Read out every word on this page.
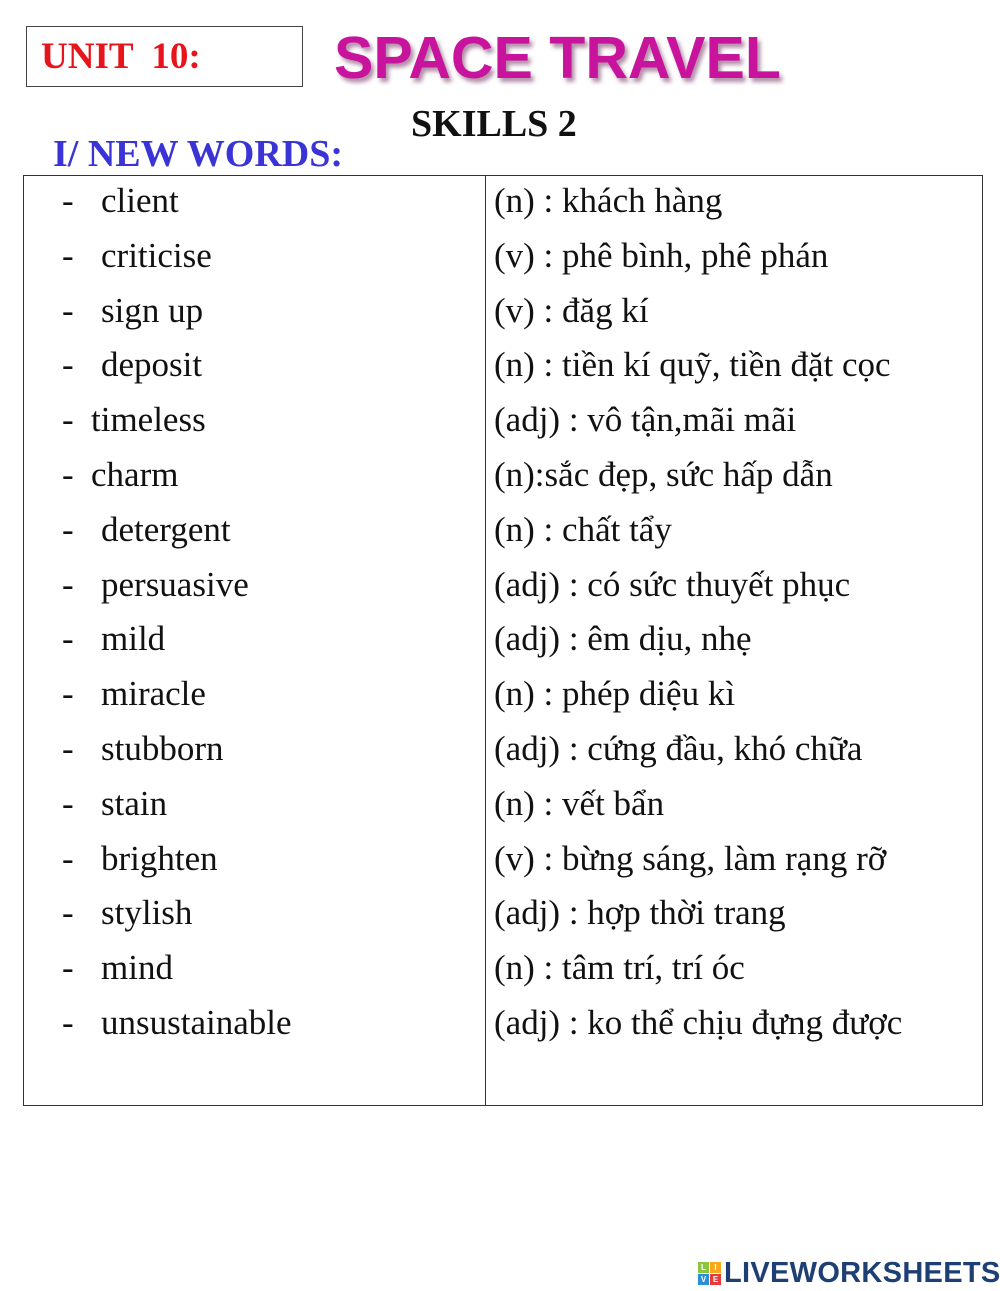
UNIT  10: SPACE TRAVEL
SKILLS 2
I/ NEW WORDS:
- client	(n) : khách hàng
- criticise	(v) : phê bình, phê phán
- sign up	(v) : đăg kí
- deposit	(n) : tiền kí quỹ, tiền đặt cọc
- timeless	(adj) : vô tận,mãi mãi
- charm	(n):sắc đẹp, sức hấp dẫn
- detergent	(n) : chất tẩy
- persuasive	(adj) : có sức thuyết phục
- mild	(adj) : êm dịu, nhẹ
- miracle	(n) : phép diệu kì
- stubborn	(adj) : cứng đầu, khó chữa
- stain	(n) : vết bẩn
- brighten	(v) : bừng sáng, làm rạng rỡ
- stylish	(adj) : hợp thời trang
- mind	(n) : tâm trí, trí óc
- unsustainable	(adj) : ko thể chịu đựng được
L	I
V E LIVEWORKSHEETS
